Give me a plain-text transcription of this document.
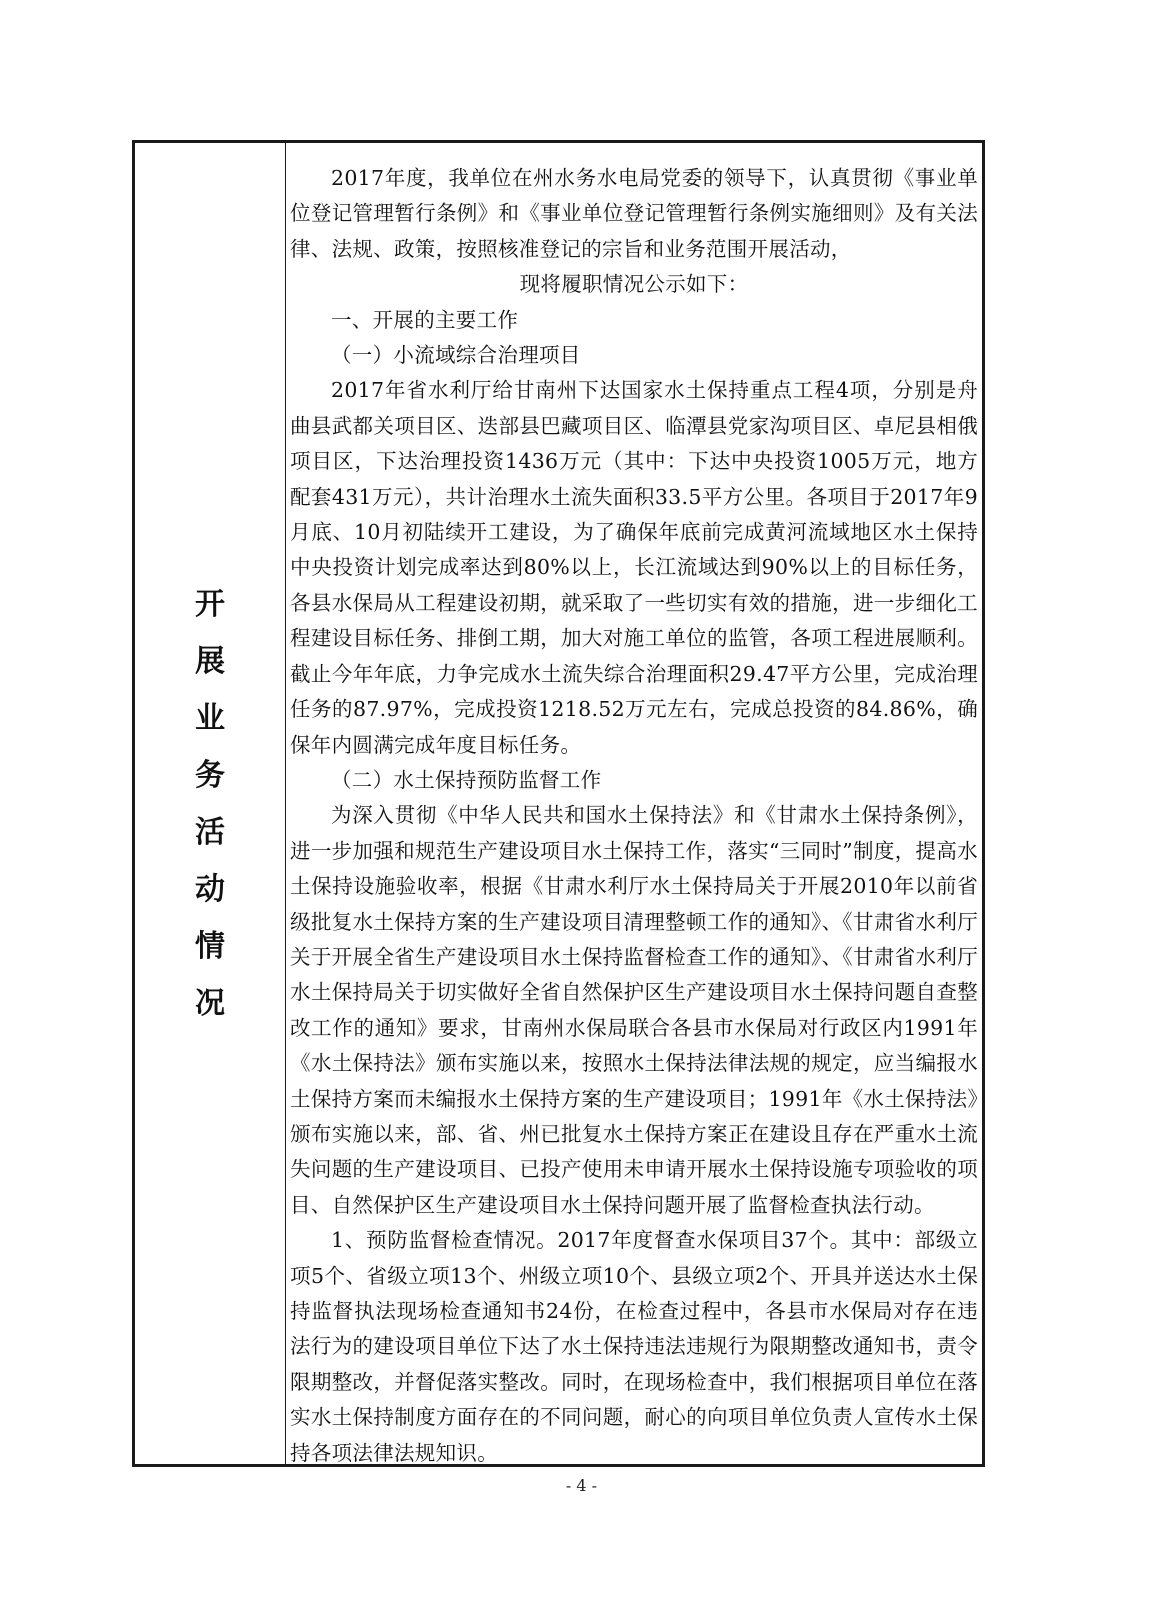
开
展
业
务
活
动
情
况

2017年度，我单位在州水务水电局党委的领导下，认真贯彻《事业单位登记管理暂行条例》和《事业单位登记管理暂行条例实施细则》及有关法律、法规、政策，按照核准登记的宗旨和业务范围开展活动，

现将履职情况公示如下：

一、开展的主要工作

（一）小流域综合治理项目

2017年省水利厅给甘南州下达国家水土保持重点工程4项，分别是舟曲县武都关项目区、迭部县巴藏项目区、临潭县党家沟项目区、卓尼县相俄项目区，下达治理投资1436万元（其中：下达中央投资1005万元，地方配套431万元），共计治理水土流失面积33.5平方公里。各项目于2017年9月底、10月初陆续开工建设，为了确保年底前完成黄河流域地区水土保持中央投资计划完成率达到80%以上，长江流域达到90%以上的目标任务，各县水保局从工程建设初期，就采取了一些切实有效的措施，进一步细化工程建设目标任务、排倒工期，加大对施工单位的监管，各项工程进展顺利。截止今年年底，力争完成水土流失综合治理面积29.47平方公里，完成治理任务的87.97%，完成投资1218.52万元左右，完成总投资的84.86%，确保年内圆满完成年度目标任务。

（二）水土保持预防监督工作

为深入贯彻《中华人民共和国水土保持法》和《甘肃水土保持条例》，进一步加强和规范生产建设项目水土保持工作，落实“三同时”制度，提高水土保持设施验收率，根据《甘肃水利厅水土保持局关于开展2010年以前省级批复水土保持方案的生产建设项目清理整顿工作的通知》、《甘肃省水利厅关于开展全省生产建设项目水土保持监督检查工作的通知》、《甘肃省水利厅水土保持局关于切实做好全省自然保护区生产建设项目水土保持问题自查整改工作的通知》要求，甘南州水保局联合各县市水保局对行政区内1991年《水土保持法》颁布实施以来，按照水土保持法律法规的规定，应当编报水土保持方案而未编报水土保持方案的生产建设项目；1991年《水土保持法》颁布实施以来，部、省、州已批复水土保持方案正在建设且存在严重水土流失问题的生产建设项目、已投产使用未申请开展水土保持设施专项验收的项目、自然保护区生产建设项目水土保持问题开展了监督检查执法行动。

1、预防监督检查情况。2017年度督查水保项目37个。其中：部级立项5个、省级立项13个、州级立项10个、县级立项2个、开具并送达水土保持监督执法现场检查通知书24份，在检查过程中，各县市水保局对存在违法行为的建设项目单位下达了水土保持违法违规行为限期整改通知书，责令限期整改，并督促落实整改。同时，在现场检查中，我们根据项目单位在落实水土保持制度方面存在的不同问题，耐心的向项目单位负责人宣传水土保持各项法律法规知识。

- 4 -
